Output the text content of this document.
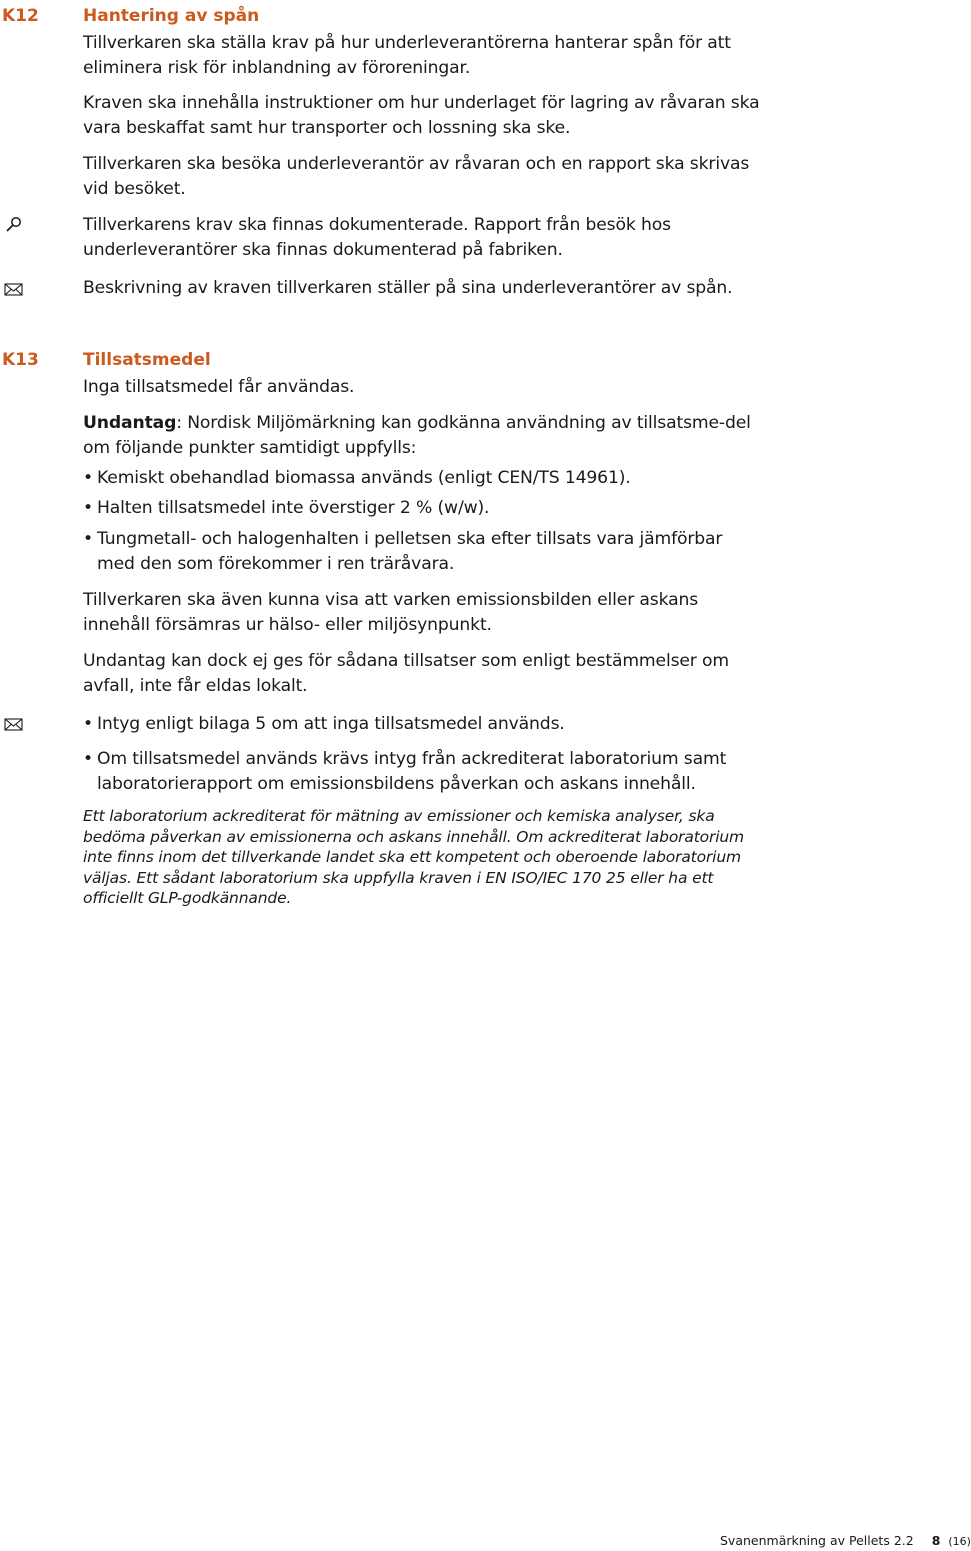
K12	Hantering av spån

Tillverkaren ska ställa krav på hur underleverantörerna hanterar spån för att eliminera risk för inblandning av föroreningar.

Kraven ska innehålla instruktioner om hur underlaget för lagring av råvaran ska vara beskaffat samt hur transporter och lossning ska ske.

Tillverkaren ska besöka underleverantör av råvaran och en rapport ska skrivas vid besöket.

Tillverkarens krav ska finnas dokumenterade. Rapport från besök hos underleverantörer ska finnas dokumenterad på fabriken.

Beskrivning av kraven tillverkaren ställer på sina underleverantörer av spån.

K13	Tillsatsmedel

Inga tillsatsmedel får användas.

Undantag: Nordisk Miljömärkning kan godkänna användning av tillsatsme-del om följande punkter samtidigt uppfylls:

• Kemiskt obehandlad biomassa används (enligt CEN/TS 14961).
• Halten tillsatsmedel inte överstiger 2 % (w/w).
• Tungmetall- och halogenhalten i pelletsen ska efter tillsats vara jämförbar med den som förekommer i ren träråvara.

Tillverkaren ska även kunna visa att varken emissionsbilden eller askans innehåll försämras ur hälso- eller miljösynpunkt.

Undantag kan dock ej ges för sådana tillsatser som enligt bestämmelser om avfall, inte får eldas lokalt.

• Intyg enligt bilaga 5 om att inga tillsatsmedel används.
• Om tillsatsmedel används krävs intyg från ackrediterat laboratorium samt laboratorierapport om emissionsbildens påverkan och askans innehåll.

Ett laboratorium ackrediterat för mätning av emissioner och kemiska analyser, ska bedöma påverkan av emissionerna och askans innehåll. Om ackrediterat laboratorium inte finns inom det tillverkande landet ska ett kompetent och oberoende laboratorium väljas. Ett sådant laboratorium ska uppfylla kraven i EN ISO/IEC 170 25 eller ha ett officiellt GLP-godkännande.

Svanenmärkning av Pellets 2.2 8 (16)
